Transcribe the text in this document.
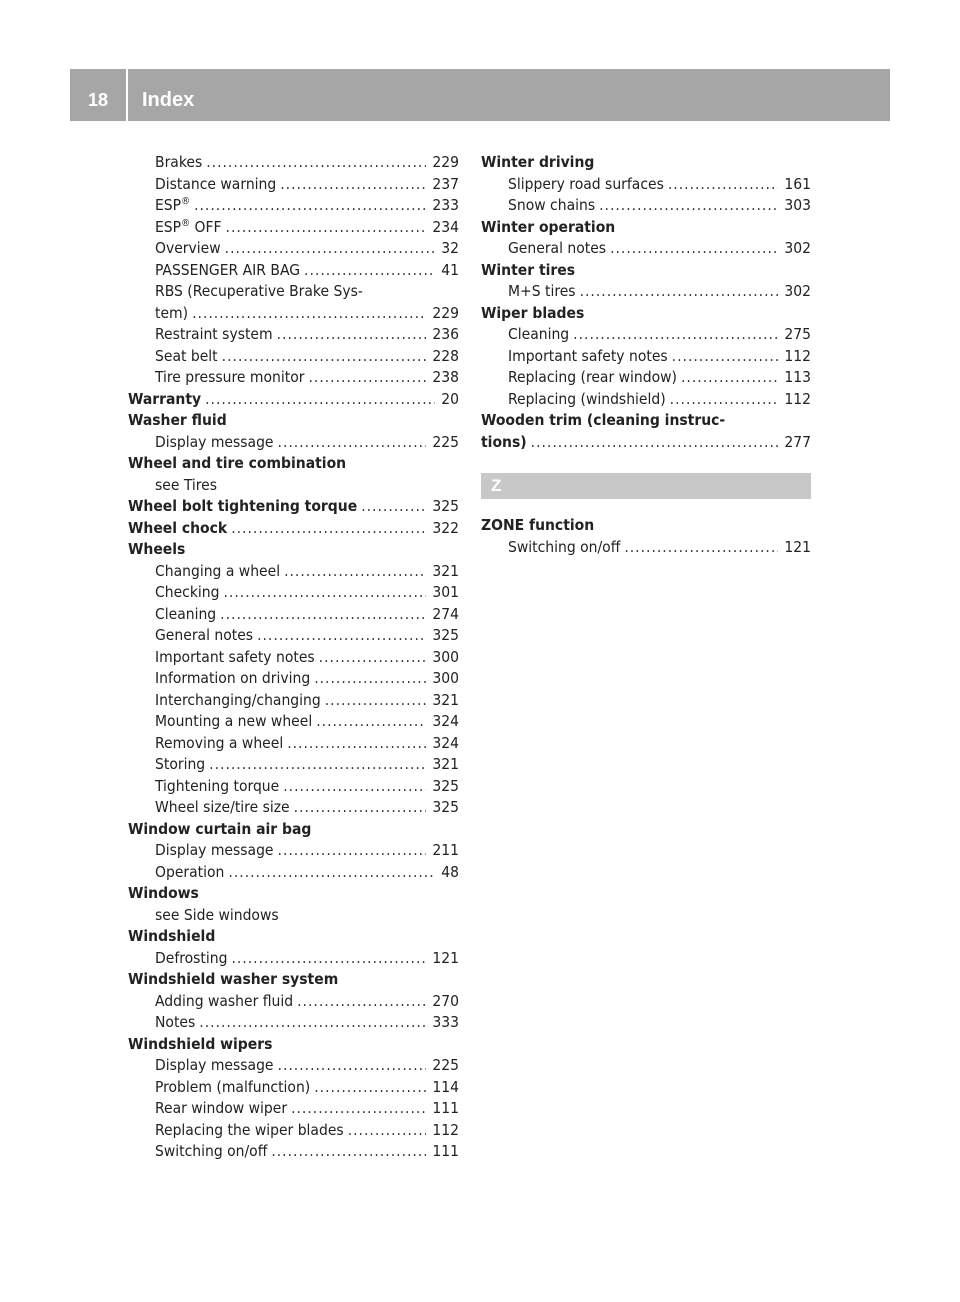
18	Index
Brakes .....	229
Distance warning .....	237
ESP® .....	233
ESP® OFF .....	234
Overview .....	32
PASSENGER AIR BAG .....	41
RBS (Recuperative Brake Sys-
tem) .....	229
Restraint system .....	236
Seat belt .....	228
Tire pressure monitor .....	238
Warranty .....	20
Washer fluid
Display message .....	225
Wheel and tire combination
see Tires
Wheel bolt tightening torque .....	325
Wheel chock .....	322
Wheels
Changing a wheel .....	321
Checking .....	301
Cleaning .....	274
General notes .....	325
Important safety notes .....	300
Information on driving .....	300
Interchanging/changing .....	321
Mounting a new wheel .....	324
Removing a wheel .....	324
Storing .....	321
Tightening torque .....	325
Wheel size/tire size .....	325
Window curtain air bag
Display message .....	211
Operation .....	48
Windows
see Side windows
Windshield
Defrosting .....	121
Windshield washer system
Adding washer fluid .....	270
Notes .....	333
Windshield wipers
Display message .....	225
Problem (malfunction) .....	114
Rear window wiper .....	111
Replacing the wiper blades .....	112
Switching on/off .....	111
Winter driving
Slippery road surfaces .....	161
Snow chains .....	303
Winter operation
General notes .....	302
Winter tires
M+S tires .....	302
Wiper blades
Cleaning .....	275
Important safety notes .....	112
Replacing (rear window) .....	113
Replacing (windshield) .....	112
Wooden trim (cleaning instruc-
tions) .....	277
Z
ZONE function
Switching on/off .....	121
